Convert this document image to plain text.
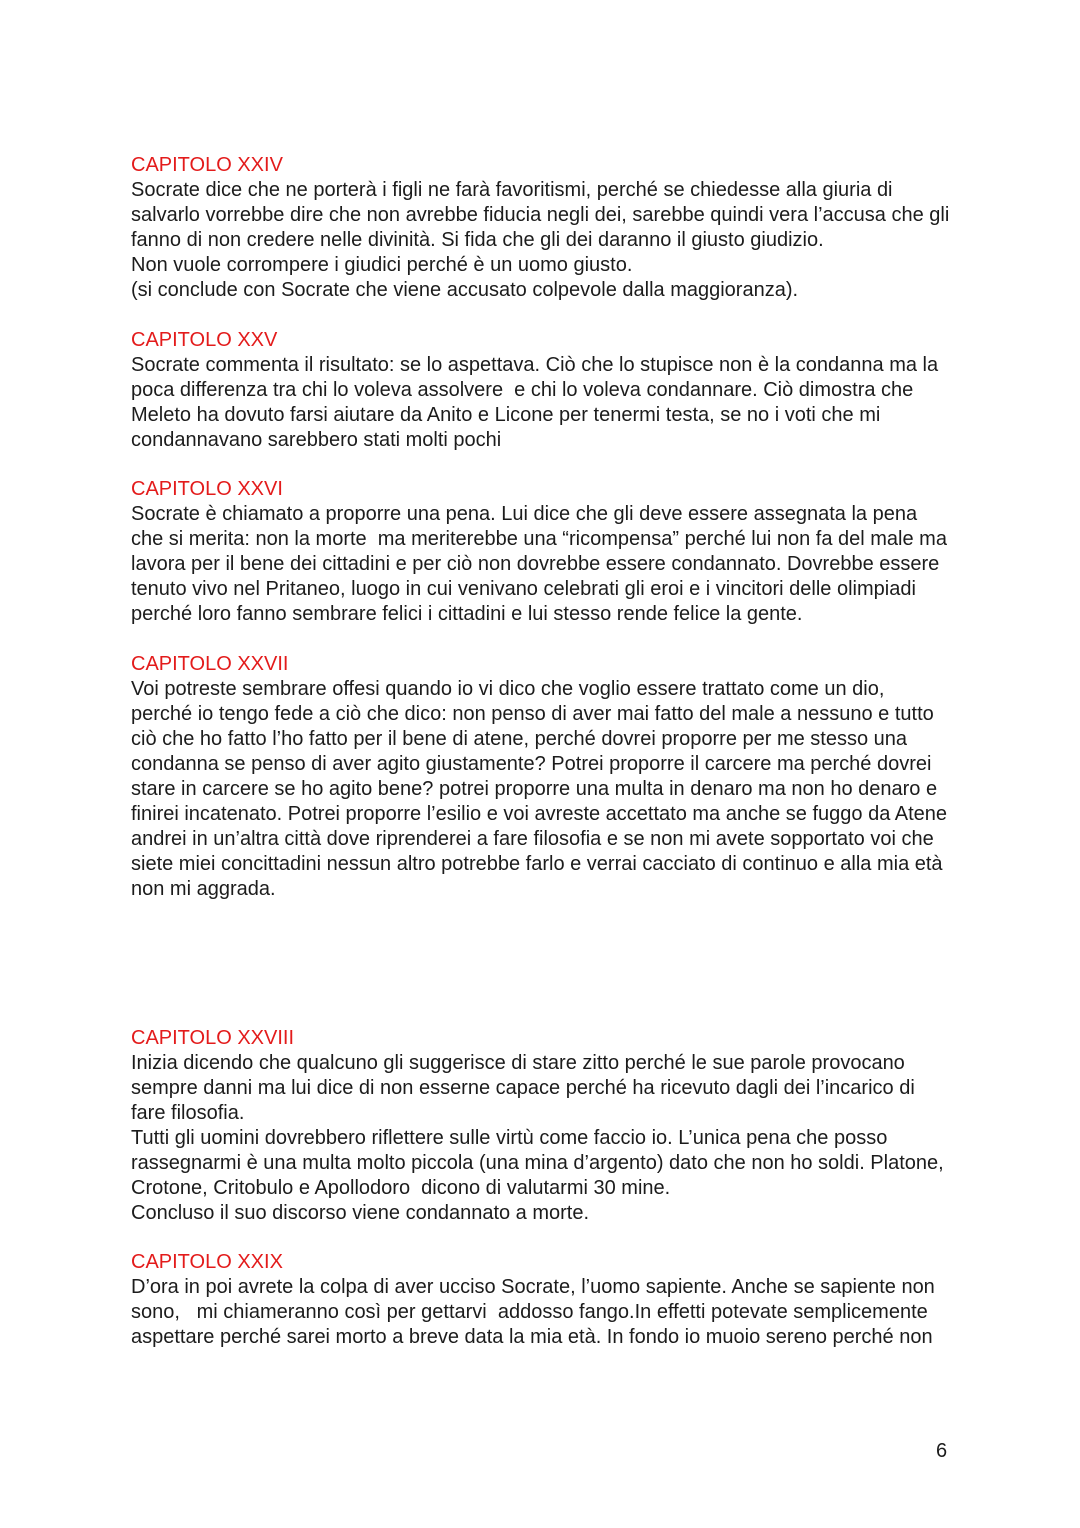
CAPITOLO XXIV
Socrate dice che ne porterà i figli ne farà favoritismi, perché se chiedesse alla giuria di
salvarlo vorrebbe dire che non avrebbe fiducia negli dei, sarebbe quindi vera l’accusa che gli
fanno di non credere nelle divinità. Si fida che gli dei daranno il giusto giudizio.
Non vuole corrompere i giudici perché è un uomo giusto.
(si conclude con Socrate che viene accusato colpevole dalla maggioranza).
CAPITOLO XXV
Socrate commenta il risultato: se lo aspettava. Ciò che lo stupisce non è la condanna ma la
poca differenza tra chi lo voleva assolvere  e chi lo voleva condannare. Ciò dimostra che
Meleto ha dovuto farsi aiutare da Anito e Licone per tenermi testa, se no i voti che mi
condannavano sarebbero stati molti pochi
CAPITOLO XXVI
Socrate è chiamato a proporre una pena. Lui dice che gli deve essere assegnata la pena
che si merita: non la morte  ma meriterebbe una “ricompensa” perché lui non fa del male ma
lavora per il bene dei cittadini e per ciò non dovrebbe essere condannato. Dovrebbe essere
tenuto vivo nel Pritaneo, luogo in cui venivano celebrati gli eroi e i vincitori delle olimpiadi
perché loro fanno sembrare felici i cittadini e lui stesso rende felice la gente.
CAPITOLO XXVII
Voi potreste sembrare offesi quando io vi dico che voglio essere trattato come un dio,
perché io tengo fede a ciò che dico: non penso di aver mai fatto del male a nessuno e tutto
ciò che ho fatto l’ho fatto per il bene di atene, perché dovrei proporre per me stesso una
condanna se penso di aver agito giustamente? Potrei proporre il carcere ma perché dovrei
stare in carcere se ho agito bene? potrei proporre una multa in denaro ma non ho denaro e
finirei incatenato. Potrei proporre l’esilio e voi avreste accettato ma anche se fuggo da Atene
andrei in un’altra città dove riprenderei a fare filosofia e se non mi avete sopportato voi che
siete miei concittadini nessun altro potrebbe farlo e verrai cacciato di continuo e alla mia età
non mi aggrada.
CAPITOLO XXVIII
Inizia dicendo che qualcuno gli suggerisce di stare zitto perché le sue parole provocano
sempre danni ma lui dice di non esserne capace perché ha ricevuto dagli dei l’incarico di
fare filosofia.
Tutti gli uomini dovrebbero riflettere sulle virtù come faccio io. L’unica pena che posso
rassegnarmi è una multa molto piccola (una mina d’argento) dato che non ho soldi. Platone,
Crotone, Critobulo e Apollodoro  dicono di valutarmi 30 mine.
Concluso il suo discorso viene condannato a morte.
CAPITOLO XXIX
D’ora in poi avrete la colpa di aver ucciso Socrate, l’uomo sapiente. Anche se sapiente non
sono,   mi chiameranno così per gettarvi  addosso fango.In effetti potevate semplicemente
aspettare perché sarei morto a breve data la mia età. In fondo io muoio sereno perché non
6
